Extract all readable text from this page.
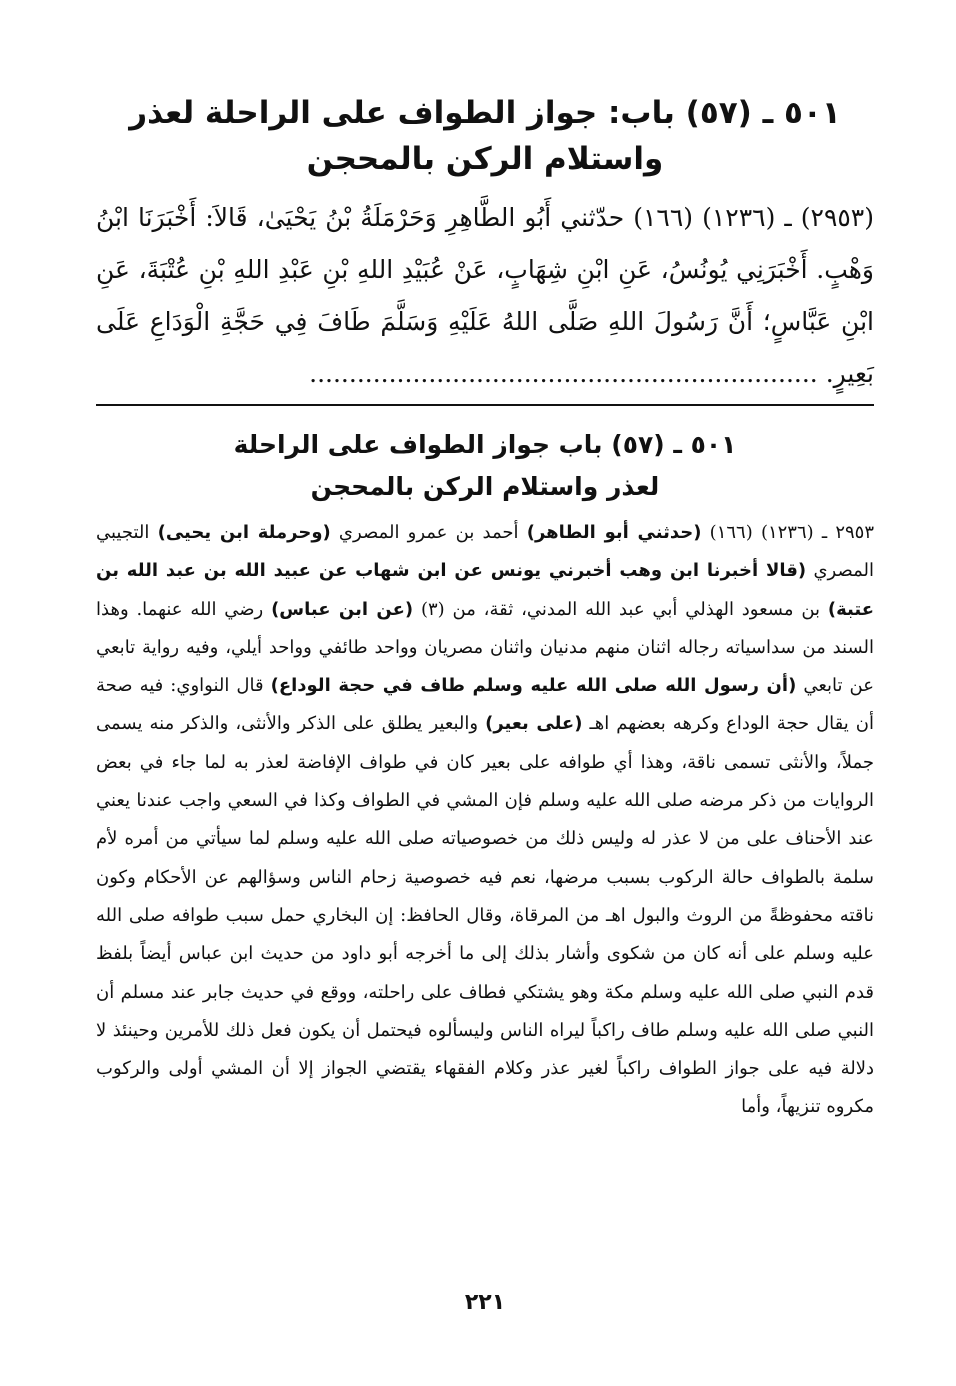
٥٠١ ـ (٥٧) باب: جواز الطواف على الراحلة لعذر
واستلام الركن بالمحجن
(٢٩٥٣) ـ (١٢٣٦) (١٦٦) حدّثني أَبُو الطَّاهِرِ وَحَرْمَلَةُ بْنُ يَحْيَىٰ، قَالاَ: أَخْبَرَنَا ابْنُ وَهْبٍ. أَخْبَرَنِي يُونُسُ، عَنِ ابْنِ شِهَابٍ، عَنْ عُبَيْدِ اللهِ بْنِ عَبْدِ اللهِ بْنِ عُتْبَةَ، عَنِ ابْنِ عَبَّاسٍ؛ أَنَّ رَسُولَ اللهِ صَلَّى اللهُ عَلَيْهِ وَسَلَّمَ طَافَ فِي حَجَّةِ الْوَدَاعِ عَلَى بَعِيرٍ. ................................................................
٥٠١ ـ (٥٧) باب جواز الطواف على الراحلة
لعذر واستلام الركن بالمحجن
٢٩٥٣ ـ (١٢٣٦) (١٦٦) (حدثني أبو الطاهر) أحمد بن عمرو المصري (وحرملة ابن يحيى) التجيبي المصري (قالا أخبرنا ابن وهب أخبرني يونس عن ابن شهاب عن عبيد الله بن عبد الله بن عتبة) بن مسعود الهذلي أبي عبد الله المدني، ثقة، من (٣) (عن ابن عباس) رضي الله عنهما. وهذا السند من سداسياته رجاله اثنان منهم مدنيان واثنان مصريان وواحد طائفي وواحد أيلي، وفيه رواية تابعي عن تابعي (أن رسول الله صلى الله عليه وسلم طاف في حجة الوداع) قال النواوي: فيه صحة أن يقال حجة الوداع وكرهه بعضهم اهـ (على بعير) والبعير يطلق على الذكر والأنثى، والذكر منه يسمى جملاً، والأنثى تسمى ناقة، وهذا أي طوافه على بعير كان في طواف الإفاضة لعذر به لما جاء في بعض الروايات من ذكر مرضه صلى الله عليه وسلم فإن المشي في الطواف وكذا في السعي واجب عندنا يعني عند الأحناف على من لا عذر له وليس ذلك من خصوصياته صلى الله عليه وسلم لما سيأتي من أمره لأم سلمة بالطواف حالة الركوب بسبب مرضها، نعم فيه خصوصية زحام الناس وسؤالهم عن الأحكام وكون ناقته محفوظةً من الروث والبول اهـ من المرقاة، وقال الحافظ: إن البخاري حمل سبب طوافه صلى الله عليه وسلم على أنه كان من شكوى وأشار بذلك إلى ما أخرجه أبو داود من حديث ابن عباس أيضاً بلفظ قدم النبي صلى الله عليه وسلم مكة وهو يشتكي فطاف على راحلته، ووقع في حديث جابر عند مسلم أن النبي صلى الله عليه وسلم طاف راكباً ليراه الناس وليسألوه فيحتمل أن يكون فعل ذلك للأمرين وحينئذ لا دلالة فيه على جواز الطواف راكباً لغير عذر وكلام الفقهاء يقتضي الجواز إلا أن المشي أولى والركوب مكروه تنزيهاً، وأما
٢٢١
